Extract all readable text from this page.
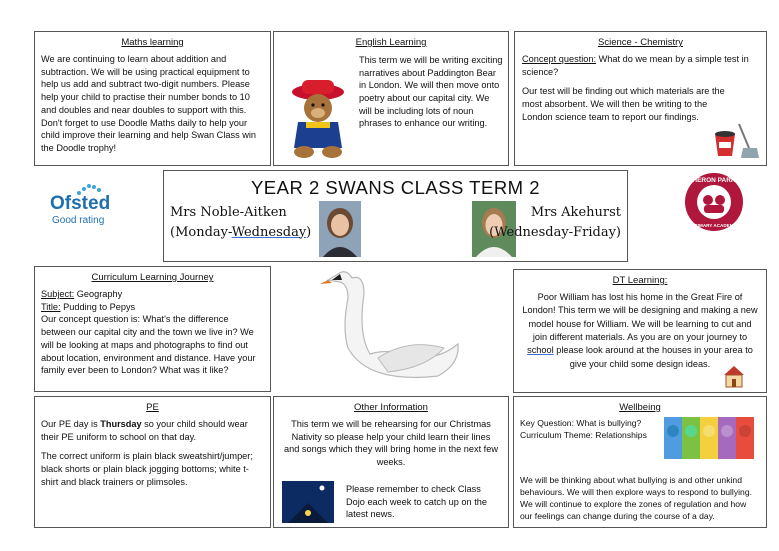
Maths learning

We are continuing to learn about addition and subtraction. We will be using practical equipment to help us add and subtract two-digit numbers. Please help your child to practise their number bonds to 10 and doubles and near doubles to support with this. Don't forget to use Doodle Maths daily to help your child improve their learning and help Swan Class win the Doodle trophy!

English Learning

This term we will be writing exciting narratives about Paddington Bear in London. We will then move onto poetry about our capital city. We will be including lots of noun phrases to enhance our writing.

Science - Chemistry

Concept question: What do we mean by a simple test in science?

Our test will be finding out which materials are the most absorbent. We will then be writing to the London science team to report our findings.

Ofsted
Good rating
YEAR 2 SWANS CLASS TERM 2
Mrs Noble-Aitken
(Monday-Wednesday)
Mrs Akehurst
(Wednesday-Friday)
HERON PARK
PRIMARY ACADEMY
Curriculum Learning Journey

Subject: Geography

Title: Pudding to Pepys

Our concept question is: What's the difference between our capital city and the town we live in? We will be looking at maps and photographs to find out about location, environment and distance. Have your family ever been to London? What was it like?

DT Learning:

Poor William has lost his home in the Great Fire of London! This term we will be designing and making a new model house for William. We will be learning to cut and join different materials. As you are on your journey to school please look around at the houses in your area to give your child some design ideas.

PE

Our PE day is Thursday so your child should wear their PE uniform to school on that day.

The correct uniform is plain black sweatshirt/jumper; black shorts or plain black jogging bottoms; white t-shirt and black trainers or plimsoles.

Other Information

This term we will be rehearsing for our Christmas Nativity so please help your child learn their lines and songs which they will bring home in the next few weeks.

Please remember to check Class Dojo each week to catch up on the latest news.

Wellbeing

Key Question: What is bullying?

Curriculum Theme: Relationships

We will be thinking about what bullying is and other unkind behaviours. We will then explore ways to respond to bullying. We will continue to explore the zones of regulation and how our feelings can change during the course of a day.
